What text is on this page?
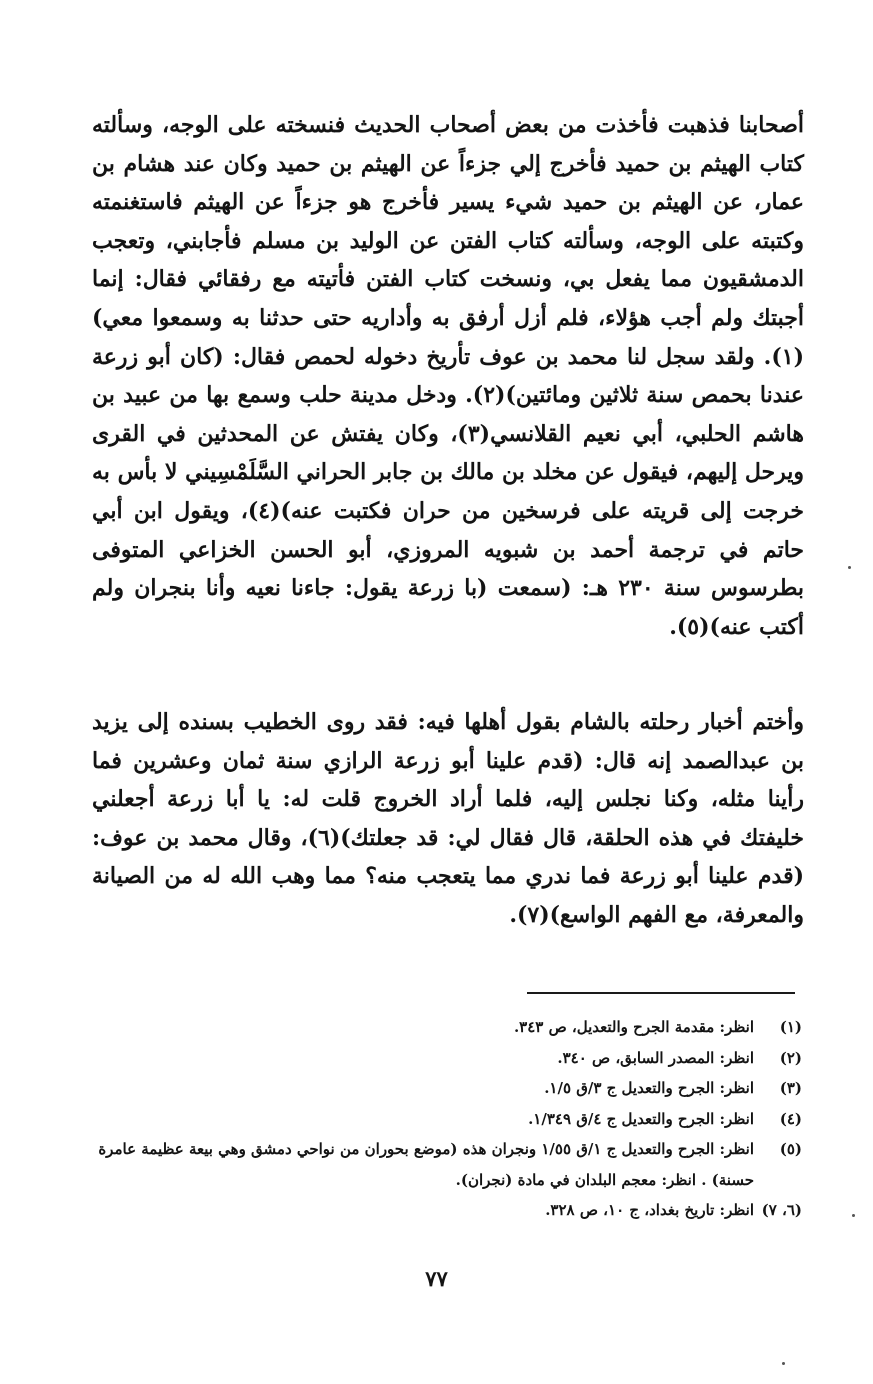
أصحابنا فذهبت فأخذت من بعض أصحاب الحديث فنسخته على الوجه، وسألته كتاب الهيثم بن حميد فأخرج إلي جزءاً عن الهيثم بن حميد وكان عند هشام بن عمار، عن الهيثم بن حميد شيء يسير فأخرج هو جزءاً عن الهيثم فاستغنمته وكتبته على الوجه، وسألته كتاب الفتن عن الوليد بن مسلم فأجابني، وتعجب الدمشقيون مما يفعل بي، ونسخت كتاب الفتن فأتيته مع رفقائي فقال: إنما أجبتك ولم أجب هؤلاء، فلم أزل أرفق به وأداريه حتى حدثنا به وسمعوا معي)(١). ولقد سجل لنا محمد بن عوف تأريخ دخوله لحمص فقال: (كان أبو زرعة عندنا بحمص سنة ثلاثين ومائتين)(٢). ودخل مدينة حلب وسمع بها من عبيد بن هاشم الحلبي، أبي نعيم القلانسي(٣)، وكان يفتش عن المحدثين في القرى ويرحل إليهم، فيقول عن مخلد بن مالك بن جابر الحراني السَّلَمْسِيني لا بأس به خرجت إلى قريته على فرسخين من حران فكتبت عنه)(٤)، ويقول ابن أبي حاتم في ترجمة أحمد بن شبويه المروزي، أبو الحسن الخزاعي المتوفى بطرسوس سنة ٢٣٠ هـ: (سمعت (با زرعة يقول: جاءنا نعيه وأنا بنجران ولم أكتب عنه)(٥).
وأختم أخبار رحلته بالشام بقول أهلها فيه: فقد روى الخطيب بسنده إلى يزيد بن عبدالصمد إنه قال: (قدم علينا أبو زرعة الرازي سنة ثمان وعشرين فما رأينا مثله، وكنا نجلس إليه، فلما أراد الخروج قلت له: يا أبا زرعة أجعلني خليفتك في هذه الحلقة، قال فقال لي: قد جعلتك)(٦)، وقال محمد بن عوف: (قدم علينا أبو زرعة فما ندري مما يتعجب منه؟ مما وهب الله له من الصيانة والمعرفة، مع الفهم الواسع)(٧).
(١)
انظر: مقدمة الجرح والتعديل، ص ٣٤٣.
(٢)
انظر: المصدر السابق، ص ٣٤٠.
(٣)
انظر: الجرح والتعديل ج ٣/ق ١/٥.
(٤)
انظر: الجرح والتعديل ج ٤/ق ١/٣٤٩.
(٥)
انظر: الجرح والتعديل ج ١/ق ١/٥٥ ونجران هذه (موضع بحوران من نواحي دمشق وهي بيعة عظيمة عامرة حسنة) . انظر: معجم البلدان في مادة (نجران).
(٦، ٧)
انظر: تاريخ بغداد، ج ١٠، ص ٣٢٨.
٧٧
